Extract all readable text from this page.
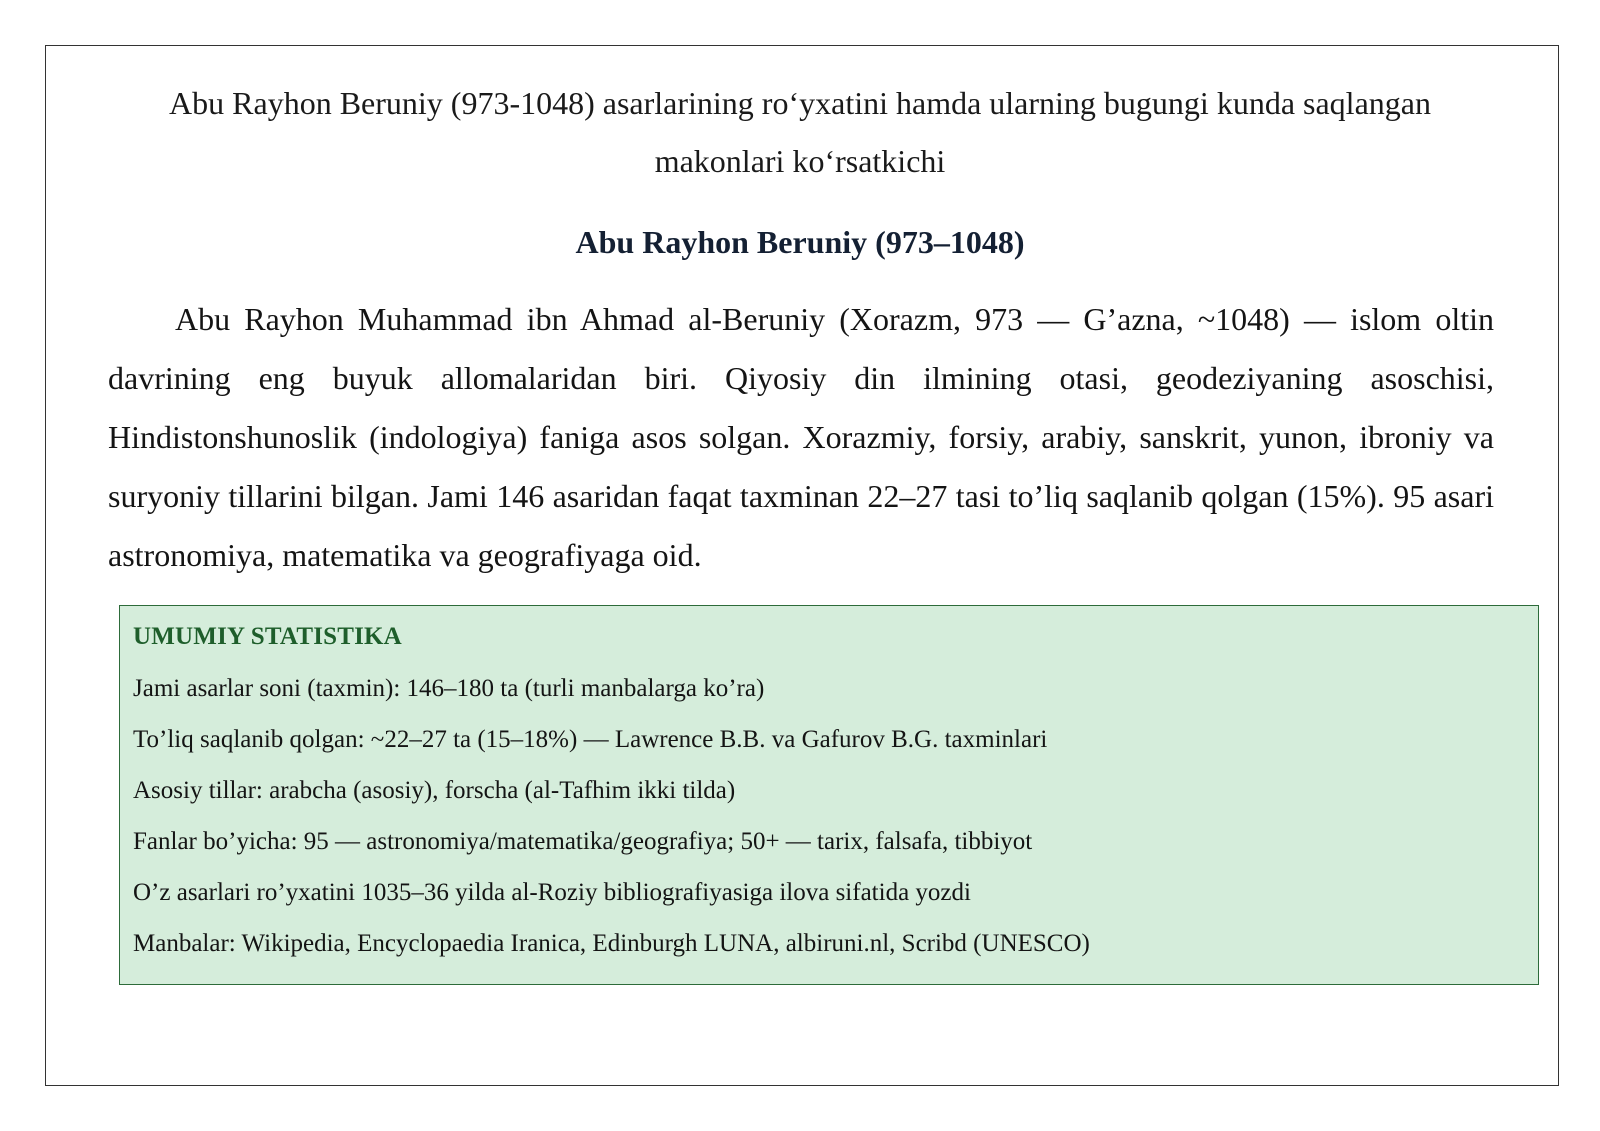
Abu Rayhon Beruniy (973-1048) asarlarining roʻyxatini hamda ularning bugungi kunda saqlangan makonlari koʻrsatkichi
Abu Rayhon Beruniy (973–1048)

Abu Rayhon Muhammad ibn Ahmad al-Beruniy (Xorazm, 973 — G’azna, ~1048) — islom oltin davrining eng buyuk allomalaridan biri. Qiyosiy din ilmining otasi, geodeziyaning asoschisi, Hindistonshunoslik (indologiya) faniga asos solgan. Xorazmiy, forsiy, arabiy, sanskrit, yunon, ibroniy va suryoniy tillarini bilgan. Jami 146 asaridan faqat taxminan 22–27 tasi to’liq saqlanib qolgan (15%). 95 asari astronomiya, matematika va geografiyaga oid.

UMUMIY STATISTIKA
Jami asarlar soni (taxmin): 146–180 ta (turli manbalarga ko’ra)
To’liq saqlanib qolgan: ~22–27 ta (15–18%) — Lawrence B.B. va Gafurov B.G. taxminlari
Asosiy tillar: arabcha (asosiy), forscha (al-Tafhim ikki tilda)
Fanlar bo’yicha: 95 — astronomiya/matematika/geografiya; 50+ — tarix, falsafa, tibbiyot
O’z asarlari ro’yxatini 1035–36 yilda al-Roziy bibliografiyasiga ilova sifatida yozdi
Manbalar: Wikipedia, Encyclopaedia Iranica, Edinburgh LUNA, albiruni.nl, Scribd (UNESCO)
